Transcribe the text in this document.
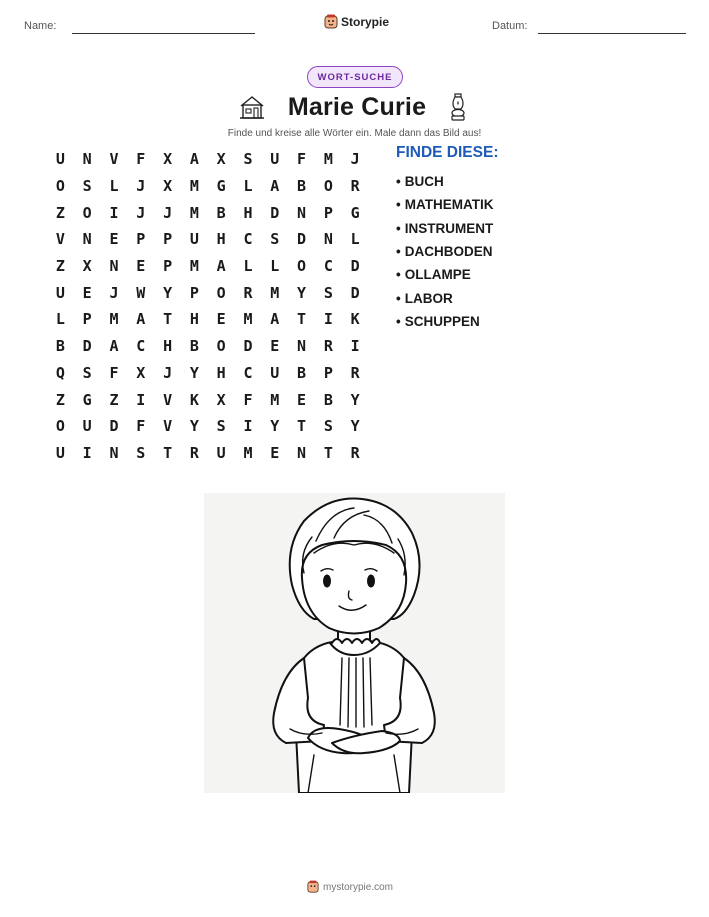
Name:	Storypie	Datum:
WORT-SUCHE
Marie Curie
Finde und kreise alle Wörter ein. Male dann das Bild aus!
U	N	V	F	X	A	X	S	U	F	M	J
O	S	L	J	X	M	G	L	A	B	O	R
Z	O	I	J	J	M	B	H	D	N	P	G
V	N	E	P	P	U	H	C	S	D	N	L
Z	X	N	E	P	M	A	L	L	O	C	D
U	E	J	W	Y	P	O	R	M	Y	S	D
L	P	M	A	T	H	E	M	A	T	I	K
B	D	A	C	H	B	O	D	E	N	R	I
Q	S	F	X	J	Y	H	C	U	B	P	R
Z	G	Z	I	V	K	X	F	M	E	B	Y
O	U	D	F	V	Y	S	I	Y	T	S	Y
U	I	N	S	T	R	U	M	E	N	T	R
FINDE DIESE:
• BUCH
• MATHEMATIK
• INSTRUMENT
• DACHBODEN
• OLLAMPE
• LABOR
• SCHUPPEN
mystorypie.com
